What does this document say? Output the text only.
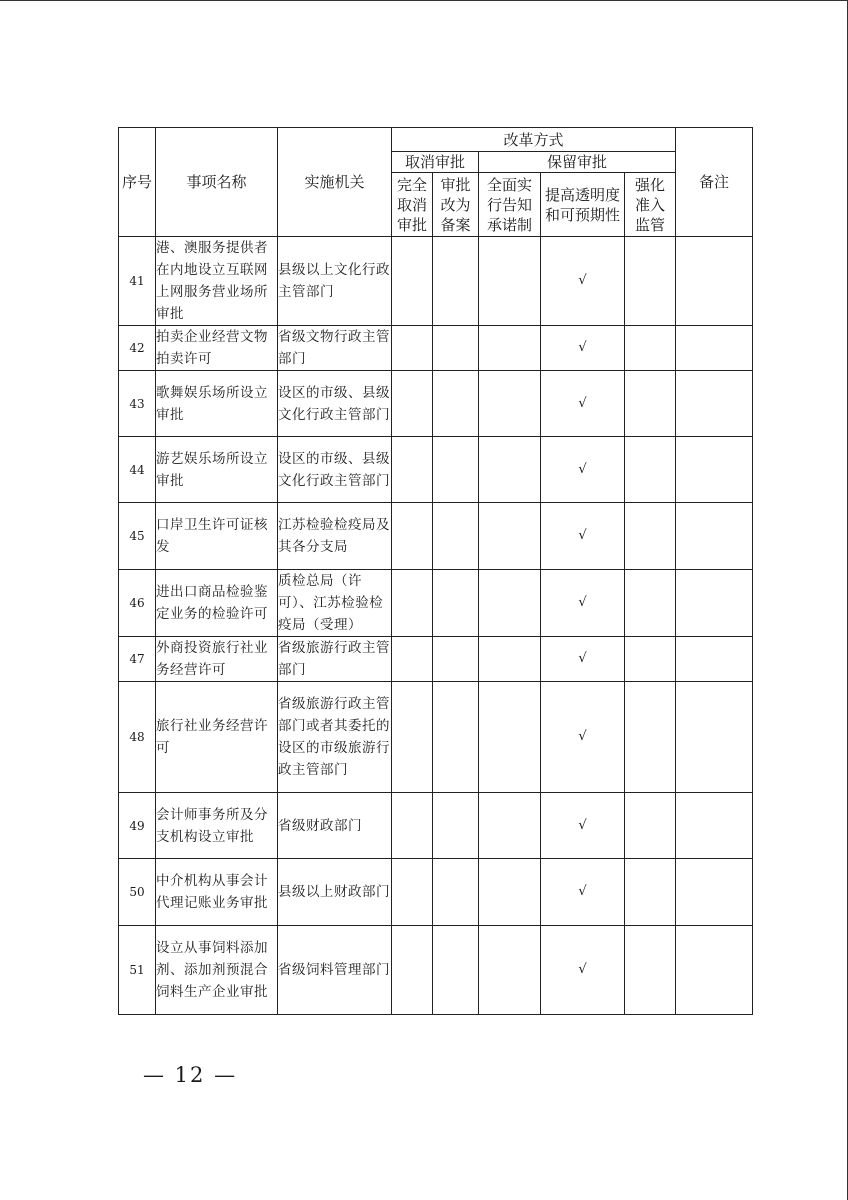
序号	事项名称	实施机关	改革方式					备注
			取消审批		保留审批			
			完全取消审批	审批改为备案	全面实行告知承诺制	提高透明度和可预期性	强化准入监管	
41	港、澳服务提供者在内地设立互联网上网服务营业场所审批	县级以上文化行政主管部门				√		
42	拍卖企业经营文物拍卖许可	省级文物行政主管部门				√		
43	歌舞娱乐场所设立审批	设区的市级、县级文化行政主管部门				√		
44	游艺娱乐场所设立审批	设区的市级、县级文化行政主管部门				√		
45	口岸卫生许可证核发	江苏检验检疫局及其各分支局				√		
46	进出口商品检验鉴定业务的检验许可	质检总局（许可）、江苏检验检疫局（受理）				√		
47	外商投资旅行社业务经营许可	省级旅游行政主管部门				√		
48	旅行社业务经营许可	省级旅游行政主管部门或者其委托的设区的市级旅游行政主管部门				√		
49	会计师事务所及分支机构设立审批	省级财政部门				√		
50	中介机构从事会计代理记账业务审批	县级以上财政部门				√		
51	设立从事饲料添加剂、添加剂预混合饲料生产企业审批	省级饲料管理部门				√		
— 12 —
